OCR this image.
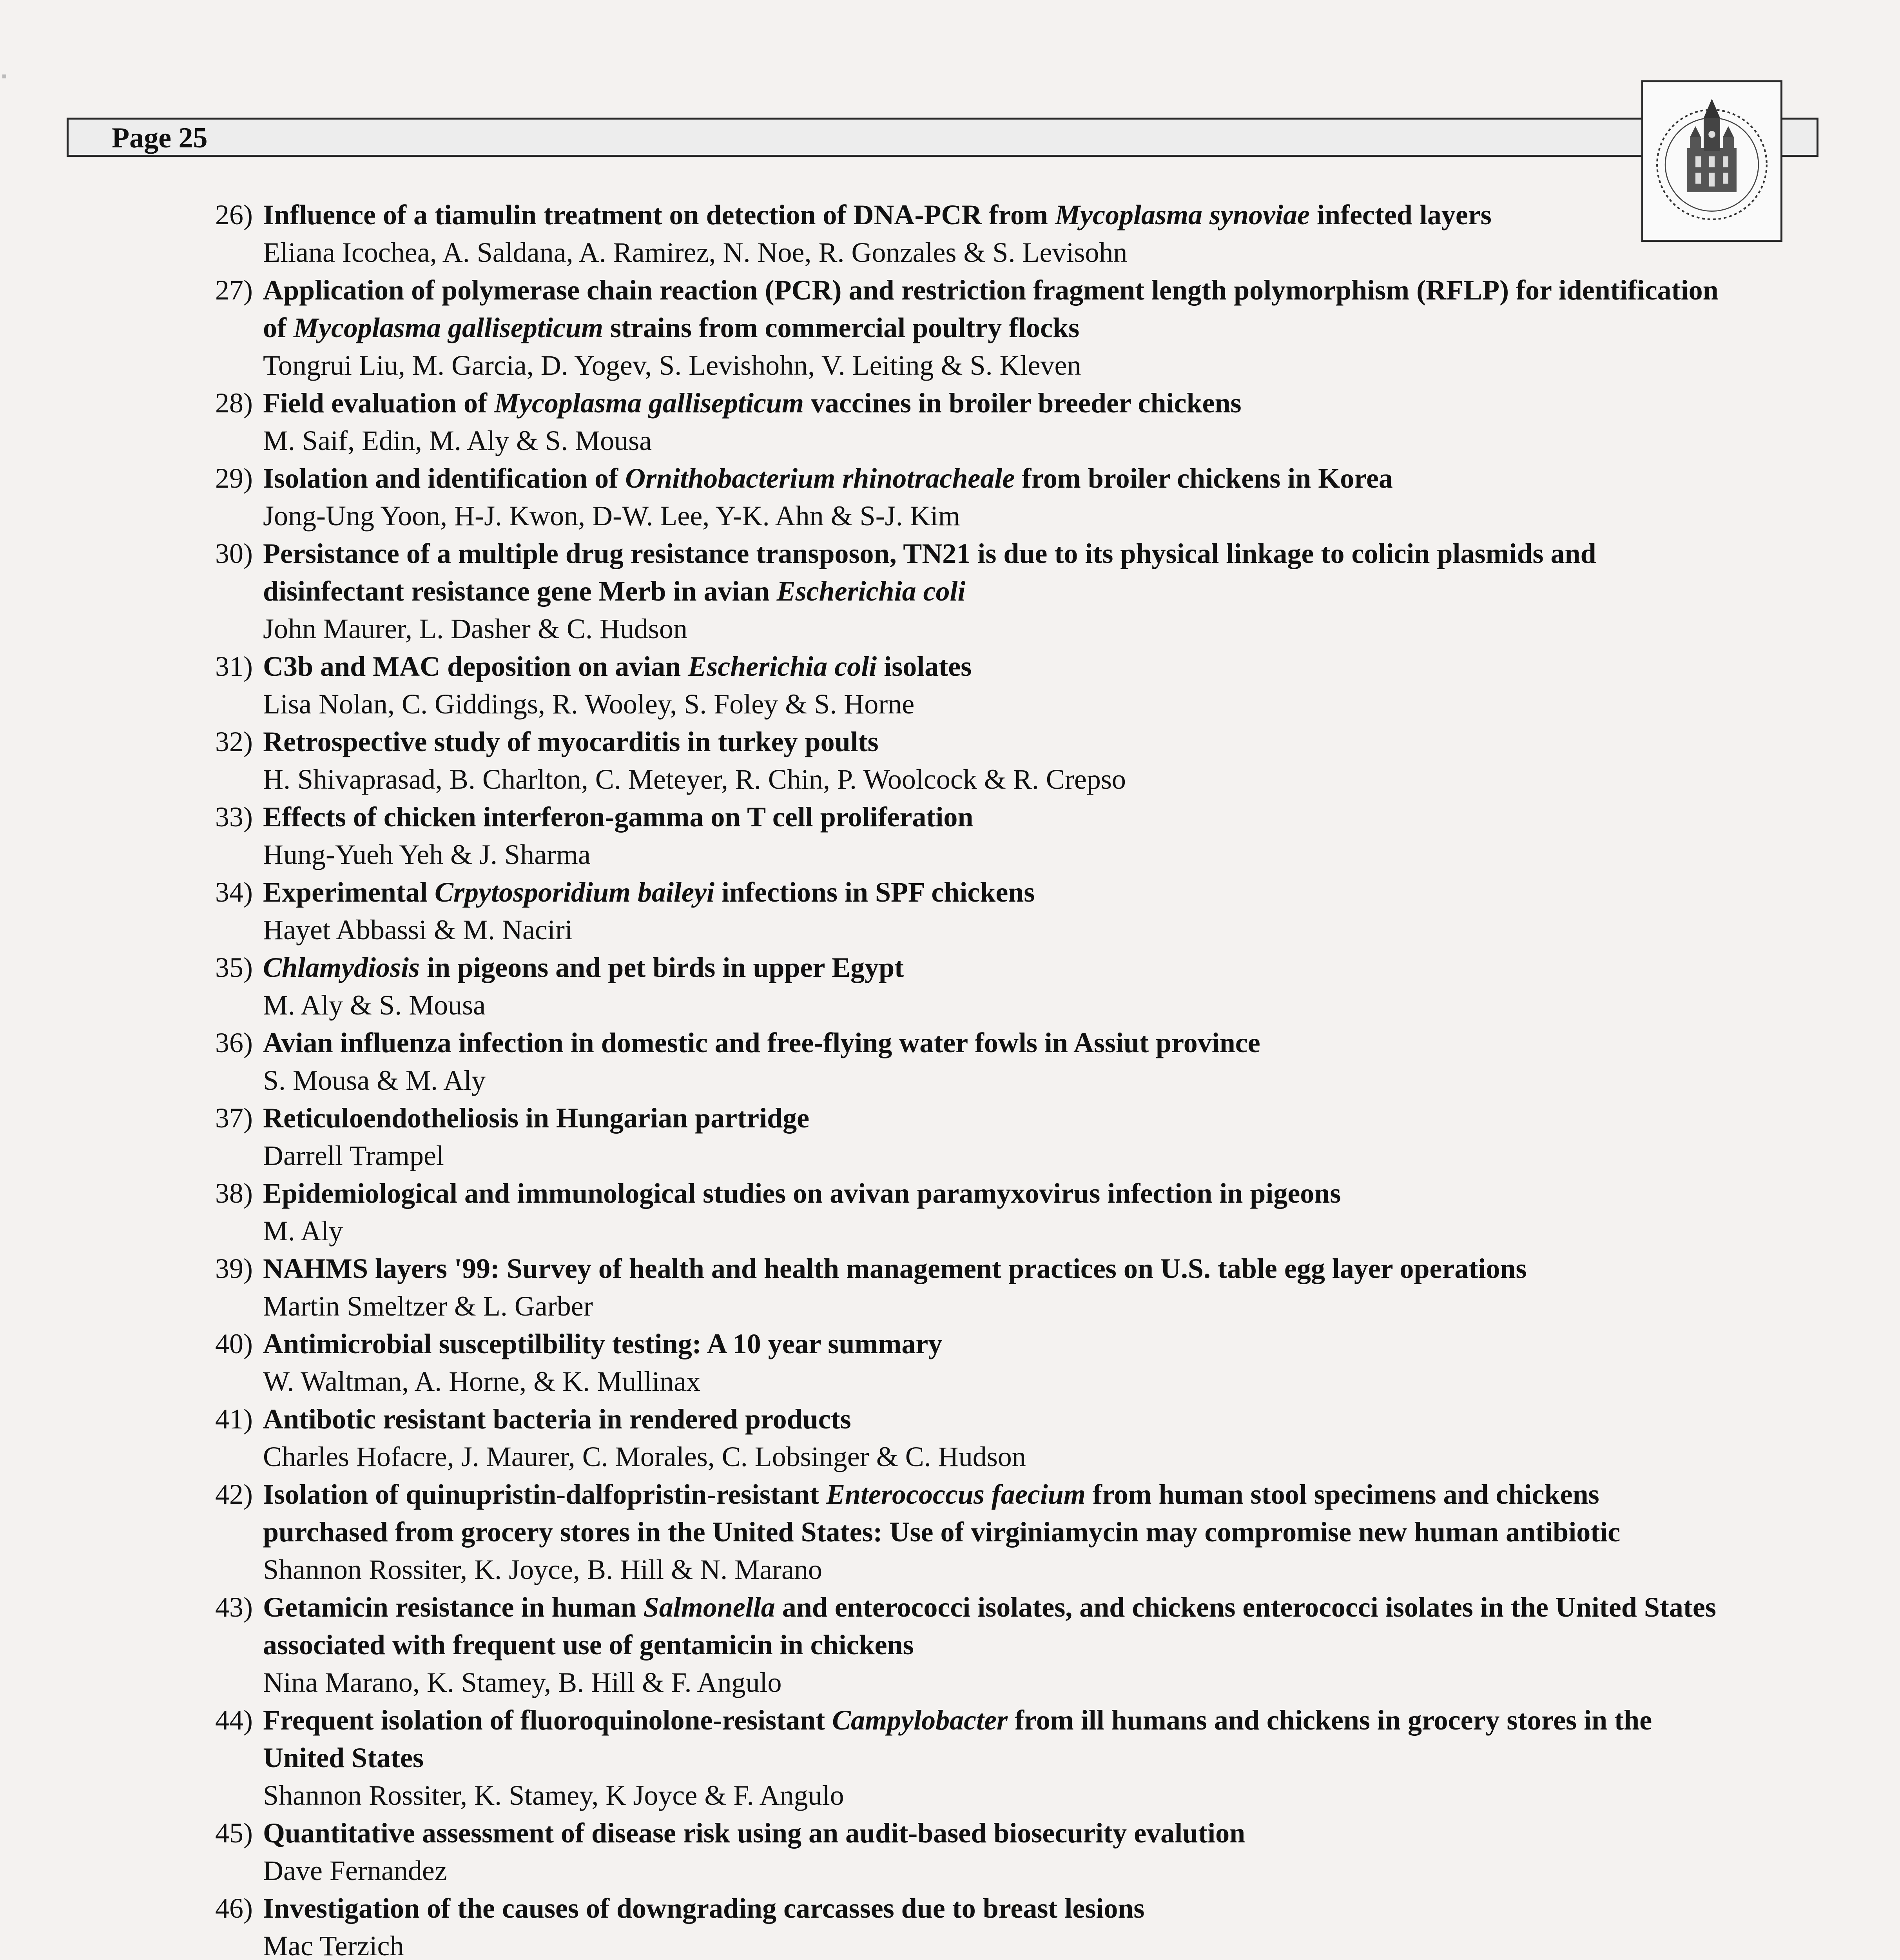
Page 25
26) Influence of a tiamulin treatment on detection of DNA-PCR from Mycoplasma synoviae infected layers

Eliana Icochea, A. Saldana, A. Ramirez, N. Noe, R. Gonzales & S. Levisohn

27) Application of polymerase chain reaction (PCR) and restriction fragment length polymorphism (RFLP) for identification of Mycoplasma gallisepticum strains from commercial poultry flocks

Tongrui Liu, M. Garcia, D. Yogev, S. Levishohn, V. Leiting & S. Kleven

28) Field evaluation of Mycoplasma gallisepticum vaccines in broiler breeder chickens

M. Saif, Edin, M. Aly & S. Mousa

29) Isolation and identification of Ornithobacterium rhinotracheale from broiler chickens in Korea

Jong-Ung Yoon, H-J. Kwon, D-W. Lee, Y-K. Ahn & S-J. Kim

30) Persistance of a multiple drug resistance transposon, TN21 is due to its physical linkage to colicin plasmids and disinfectant resistance gene Merb in avian Escherichia coli

John Maurer, L. Dasher & C. Hudson

31) C3b and MAC deposition on avian Escherichia coli isolates

Lisa Nolan, C. Giddings, R. Wooley, S. Foley & S. Horne

32) Retrospective study of myocarditis in turkey poults

H. Shivaprasad, B. Charlton, C. Meteyer, R. Chin, P. Woolcock & R. Crepso

33) Effects of chicken interferon-gamma on T cell proliferation

Hung-Yueh Yeh & J. Sharma

34) Experimental Crpytosporidium baileyi infections in SPF chickens

Hayet Abbassi & M. Naciri

35) Chlamydiosis in pigeons and pet birds in upper Egypt

M. Aly & S. Mousa

36) Avian influenza infection in domestic and free-flying water fowls in Assiut province

S. Mousa & M. Aly

37) Reticuloendotheliosis in Hungarian partridge

Darrell Trampel

38) Epidemiological and immunological studies on avivan paramyxovirus infection in pigeons

M. Aly

39) NAHMS layers '99: Survey of health and health management practices on U.S. table egg layer operations

Martin Smeltzer & L. Garber

40) Antimicrobial susceptilbility testing: A 10 year summary

W. Waltman, A. Horne, & K. Mullinax

41) Antibotic resistant bacteria in rendered products

Charles Hofacre, J. Maurer, C. Morales, C. Lobsinger & C. Hudson

42) Isolation of quinupristin-dalfopristin-resistant Enterococcus faecium from human stool specimens and chickens purchased from grocery stores in the United States: Use of virginiamycin may compromise new human antibiotic

Shannon Rossiter, K. Joyce, B. Hill & N. Marano

43) Getamicin resistance in human Salmonella and enterococci isolates, and chickens enterococci isolates in the United States associated with frequent use of gentamicin in chickens

Nina Marano, K. Stamey, B. Hill & F. Angulo

44) Frequent isolation of fluoroquinolone-resistant Campylobacter from ill humans and chickens in grocery stores in the United States

Shannon Rossiter, K. Stamey, K Joyce & F. Angulo

45) Quantitative assessment of disease risk using an audit-based biosecurity evalution

Dave Fernandez

46) Investigation of the causes of downgrading carcasses due to breast lesions

Mac Terzich
